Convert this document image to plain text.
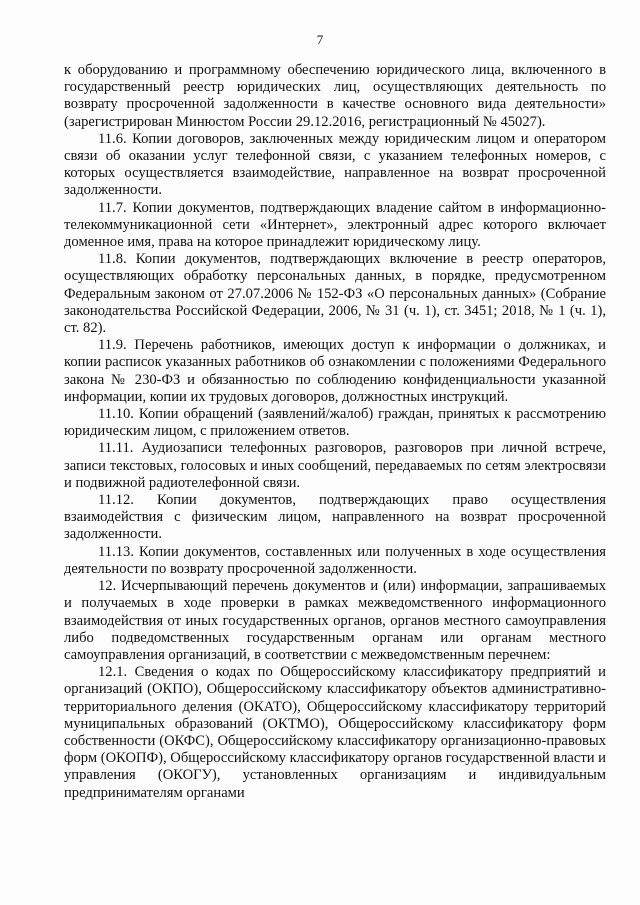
7

к оборудованию и программному обеспечению юридического лица, включенного в государственный реестр юридических лиц, осуществляющих деятельность по возврату просроченной задолженности в качестве основного вида деятельности» (зарегистрирован Минюстом России 29.12.2016, регистрационный № 45027).

11.6. Копии договоров, заключенных между юридическим лицом и оператором связи об оказании услуг телефонной связи, с указанием телефонных номеров, с которых осуществляется взаимодействие, направленное на возврат просроченной задолженности.

11.7. Копии документов, подтверждающих владение сайтом в информационно-телекоммуникационной сети «Интернет», электронный адрес которого включает доменное имя, права на которое принадлежит юридическому лицу.

11.8. Копии документов, подтверждающих включение в реестр операторов, осуществляющих обработку персональных данных, в порядке, предусмотренном Федеральным законом от 27.07.2006 № 152-ФЗ «О персональных данных» (Собрание законодательства Российской Федерации, 2006, № 31 (ч. 1), ст. 3451; 2018, № 1 (ч. 1), ст. 82).

11.9. Перечень работников, имеющих доступ к информации о должниках, и копии расписок указанных работников об ознакомлении с положениями Федерального закона № 230-ФЗ и обязанностью по соблюдению конфиденциальности указанной информации, копии их трудовых договоров, должностных инструкций.

11.10. Копии обращений (заявлений/жалоб) граждан, принятых к рассмотрению юридическим лицом, с приложением ответов.

11.11. Аудиозаписи телефонных разговоров, разговоров при личной встрече, записи текстовых, голосовых и иных сообщений, передаваемых по сетям электросвязи и подвижной радиотелефонной связи.

11.12. Копии документов, подтверждающих право осуществления взаимодействия с физическим лицом, направленного на возврат просроченной задолженности.

11.13. Копии документов, составленных или полученных в ходе осуществления деятельности по возврату просроченной задолженности.

12. Исчерпывающий перечень документов и (или) информации, запрашиваемых и получаемых в ходе проверки в рамках межведомственного информационного взаимодействия от иных государственных органов, органов местного самоуправления либо подведомственных государственным органам или органам местного самоуправления организаций, в соответствии с межведомственным перечнем:

12.1. Сведения о кодах по Общероссийскому классификатору предприятий и организаций (ОКПО), Общероссийскому классификатору объектов административно-территориального деления (ОКАТО), Общероссийскому классификатору территорий муниципальных образований (ОКТМО), Общероссийскому классификатору форм собственности (ОКФС), Общероссийскому классификатору организационно-правовых форм (ОКОПФ), Общероссийскому классификатору органов государственной власти и управления (ОКОГУ), установленных организациям и индивидуальным предпринимателям органами
